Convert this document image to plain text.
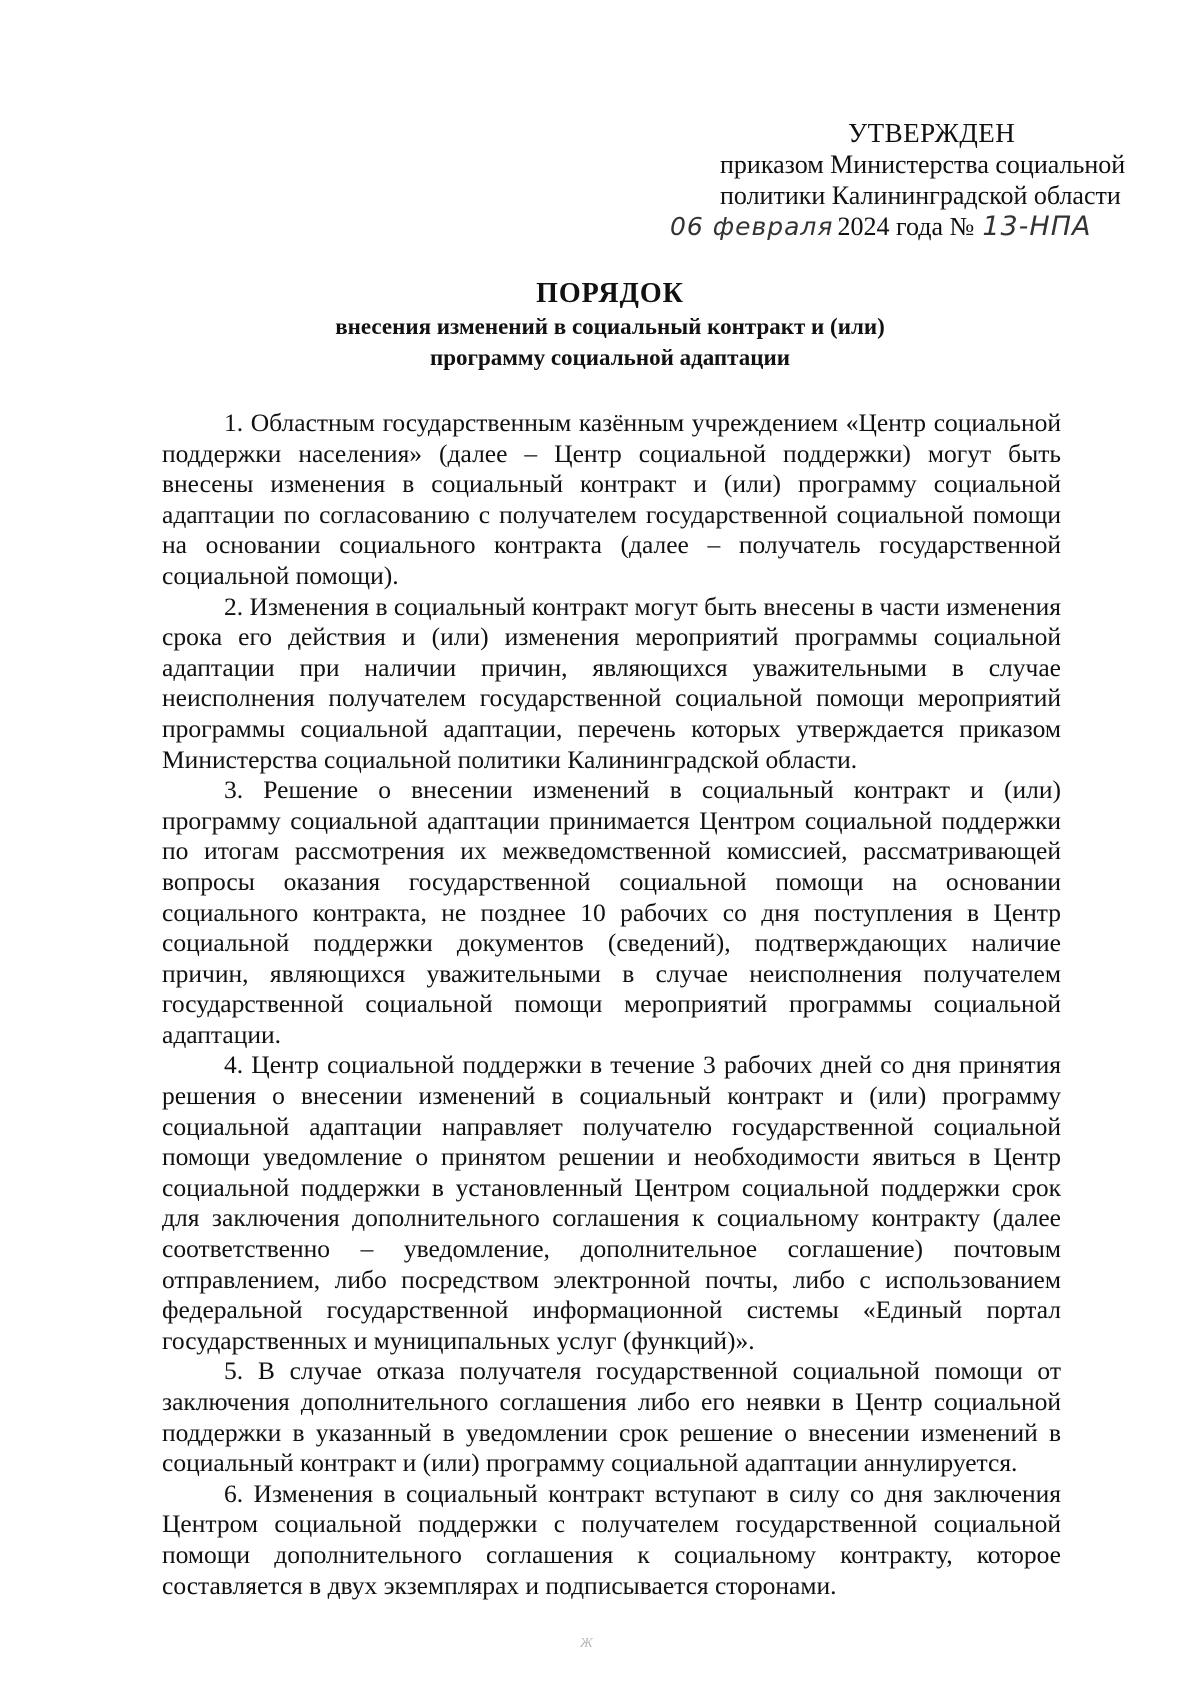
УТВЕРЖДЕН
приказом Министерства социальной
политики Калининградской области
06 февраля 2024 года № 13-НПА
ПОРЯДОК
внесения изменений в социальный контракт и (или)
программу социальной адаптации

1. Областным государственным казённым учреждением «Центр социальной поддержки населения» (далее – Центр социальной поддержки) могут быть внесены изменения в социальный контракт и (или) программу социальной адаптации по согласованию с получателем государственной социальной помощи на основании социального контракта (далее – получатель государственной социальной помощи).

2. Изменения в социальный контракт могут быть внесены в части изменения срока его действия и (или) изменения мероприятий программы социальной адаптации при наличии причин, являющихся уважительными в случае неисполнения получателем государственной социальной помощи мероприятий программы социальной адаптации, перечень которых утверждается приказом Министерства социальной политики Калининградской области.

3. Решение о внесении изменений в социальный контракт и (или) программу социальной адаптации принимается Центром социальной поддержки по итогам рассмотрения их межведомственной комиссией, рассматривающей вопросы оказания государственной социальной помощи на основании социального контракта, не позднее 10 рабочих со дня поступления в Центр социальной поддержки документов (сведений), подтверждающих наличие причин, являющихся уважительными в случае неисполнения получателем государственной социальной помощи мероприятий программы социальной адаптации.

4. Центр социальной поддержки в течение 3 рабочих дней со дня принятия решения о внесении изменений в социальный контракт и (или) программу социальной адаптации направляет получателю государственной социальной помощи уведомление о принятом решении и необходимости явиться в Центр социальной поддержки в установленный Центром социальной поддержки срок для заключения дополнительного соглашения к социальному контракту (далее соответственно – уведомление, дополнительное соглашение) почтовым отправлением, либо посредством электронной почты, либо с использованием федеральной государственной информационной системы «Единый портал государственных и муниципальных услуг (функций)».

5. В случае отказа получателя государственной социальной помощи от заключения дополнительного соглашения либо его неявки в Центр социальной поддержки в указанный в уведомлении срок решение о внесении изменений в социальный контракт и (или) программу социальной адаптации аннулируется.

6. Изменения в социальный контракт вступают в силу со дня заключения Центром социальной поддержки с получателем государственной социальной помощи дополнительного соглашения к социальному контракту, которое составляется в двух экземплярах и подписывается сторонами.

Ж
